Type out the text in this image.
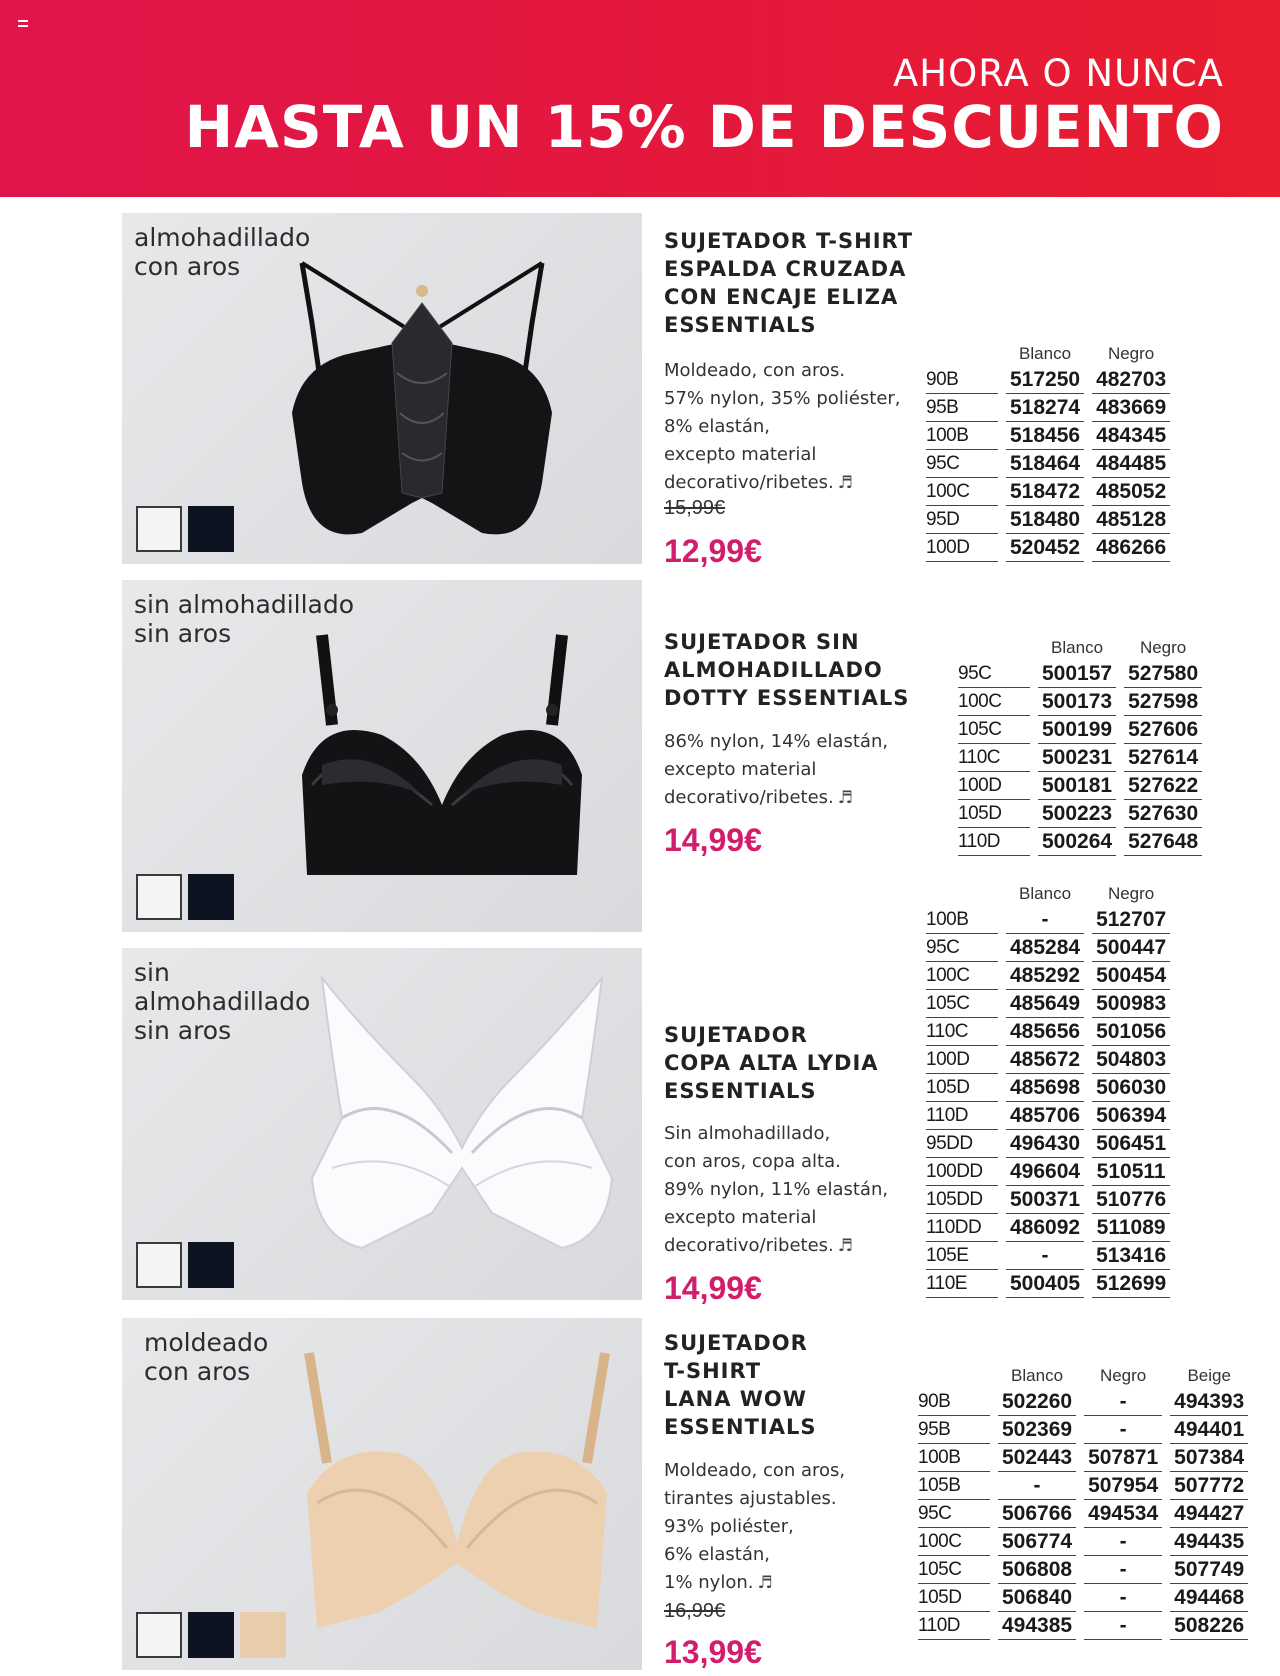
AHORA O NUNCA
HASTA UN 15% DE DESCUENTO
almohadillado
con aros
SUJETADOR T-SHIRT
ESPALDA CRUZADA
CON ENCAJE ELIZA
ESSENTIALS
Moldeado, con aros.
57% nylon, 35% poliéster,
8% elastán,
excepto material
decorativo/ribetes. ♬
15,99€
12,99€
	Blanco	Negro
90B	517250	482703
95B	518274	483669
100B	518456	484345
95C	518464	484485
100C	518472	485052
95D	518480	485128
100D	520452	486266
sin almohadillado
sin aros	SUJETADOR SIN
ALMOHADILLADO
DOTTY ESSENTIALS
86% nylon, 14% elastán,
excepto material
decorativo/ribetes. ♬
14,99€
	Blanco	Negro
95C	500157	527580
100C	500173	527598
105C	500199	527606
110C	500231	527614
100D	500181	527622
105D	500223	527630
110D	500264	527648
sin
almohadillado
sin aros	SUJETADOR
COPA ALTA LYDIA
ESSENTIALS
Sin almohadillado,
con aros, copa alta.
89% nylon, 11% elastán,
excepto material
decorativo/ribetes. ♬
14,99€
	Blanco	Negro
100B	-	512707
95C	485284	500447
100C	485292	500454
105C	485649	500983
110C	485656	501056
100D	485672	504803
105D	485698	506030
110D	485706	506394
95DD	496430	506451
100DD	496604	510511
105DD	500371	510776
110DD	486092	511089
105E	-	513416
110E	500405	512699
moldeado
con aros
SUJETADOR
T-SHIRT
LANA WOW
ESSENTIALS
Moldeado, con aros,
tirantes ajustables.
93% poliéster,
6% elastán,
1% nylon. ♬
16,99€
13,99€
	Blanco	Negro	Beige
90B	502260	-	494393
95B	502369	-	494401
100B	502443	507871	507384
105B	-	507954	507772
95C	506766	494534	494427
100C	506774	-	494435
105C	506808	-	507749
105D	506840	-	494468
110D	494385	-	508226
